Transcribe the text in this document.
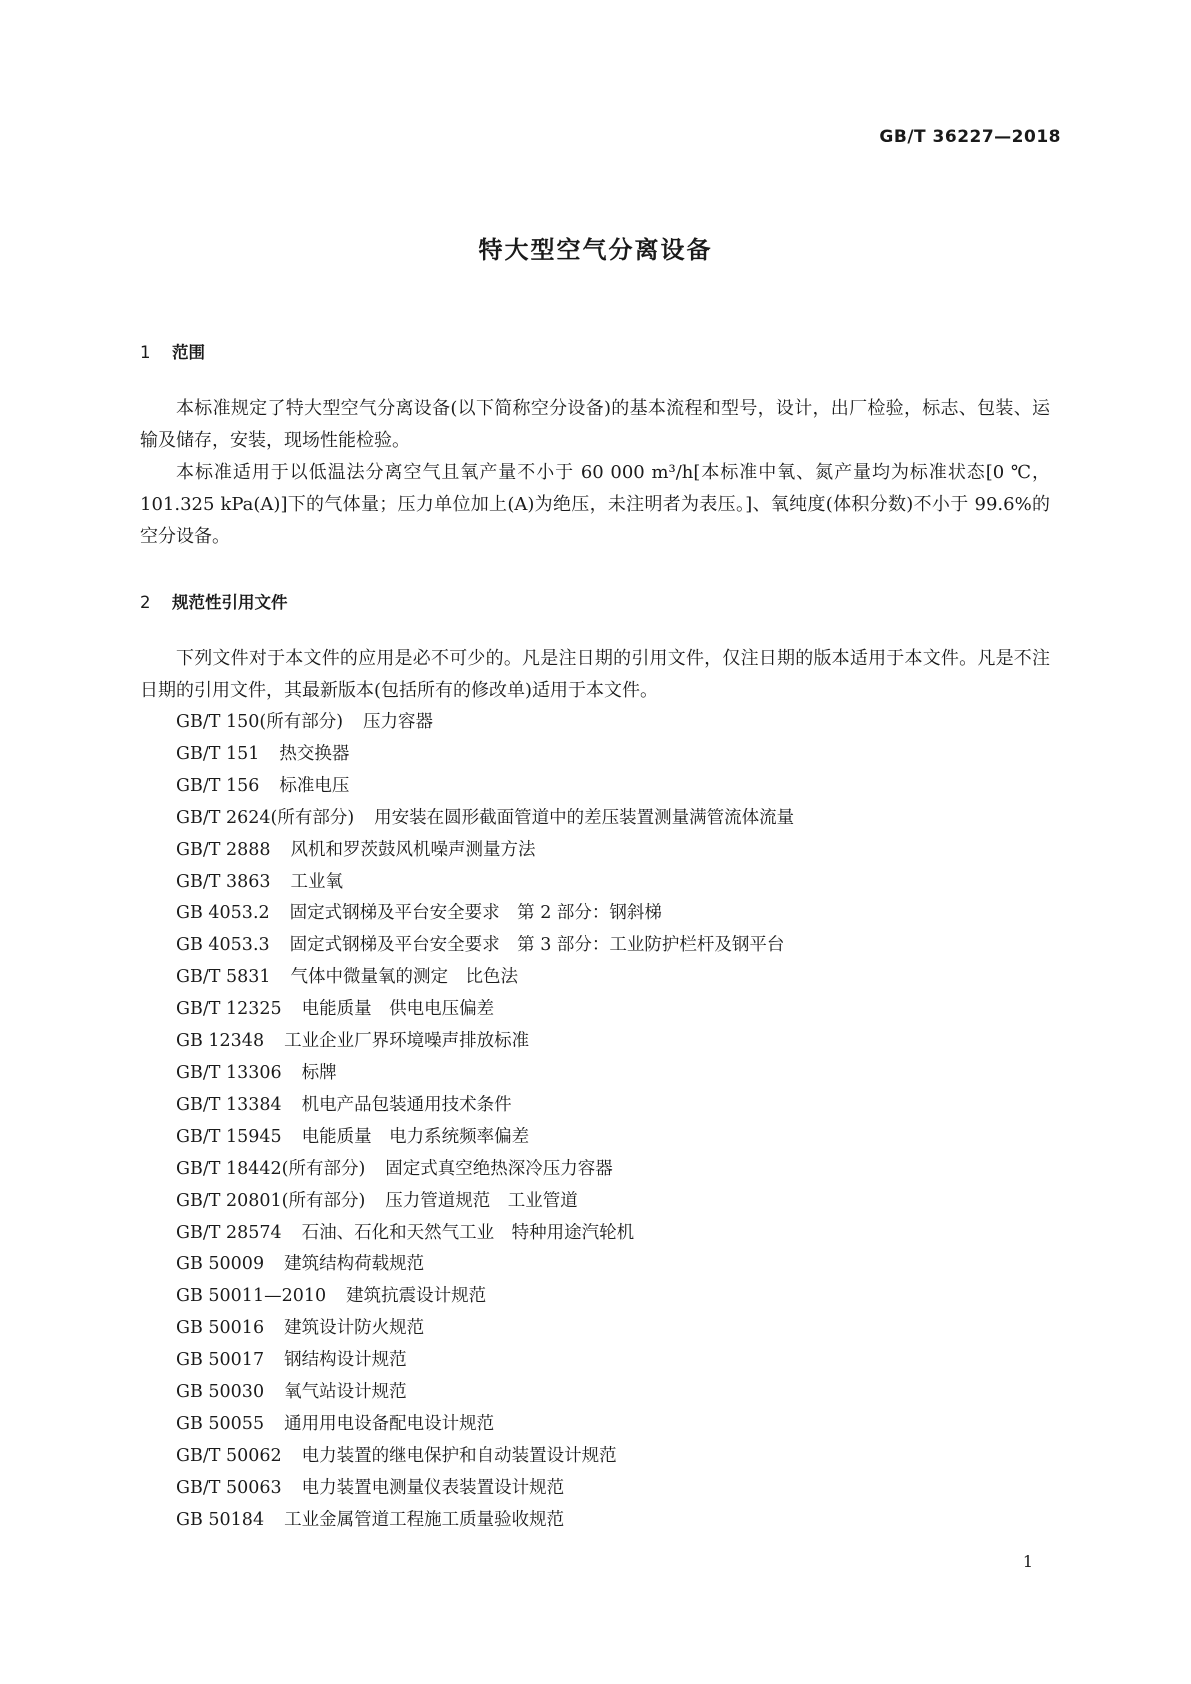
GB/T 36227—2018
特大型空气分离设备
1 范围

本标准规定了特大型空气分离设备(以下简称空分设备)的基本流程和型号，设计，出厂检验，标志、包装、运输及储存，安装，现场性能检验。

本标准适用于以低温法分离空气且氧产量不小于 60 000 m³/h[本标准中氧、氮产量均为标准状态[0 ℃，101.325 kPa(A)]下的气体量；压力单位加上(A)为绝压，未注明者为表压。]、氧纯度(体积分数)不小于 99.6%的空分设备。

2 规范性引用文件

下列文件对于本文件的应用是必不可少的。凡是注日期的引用文件，仅注日期的版本适用于本文件。凡是不注日期的引用文件，其最新版本(包括所有的修改单)适用于本文件。

GB/T 150(所有部分) 压力容器
GB/T 151 热交换器
GB/T 156 标准电压
GB/T 2624(所有部分) 用安装在圆形截面管道中的差压装置测量满管流体流量
GB/T 2888 风机和罗茨鼓风机噪声测量方法
GB/T 3863 工业氧
GB 4053.2 固定式钢梯及平台安全要求　第 2 部分：钢斜梯
GB 4053.3 固定式钢梯及平台安全要求　第 3 部分：工业防护栏杆及钢平台
GB/T 5831 气体中微量氧的测定　比色法
GB/T 12325 电能质量　供电电压偏差
GB 12348 工业企业厂界环境噪声排放标准
GB/T 13306 标牌
GB/T 13384 机电产品包装通用技术条件
GB/T 15945 电能质量　电力系统频率偏差
GB/T 18442(所有部分) 固定式真空绝热深冷压力容器
GB/T 20801(所有部分) 压力管道规范　工业管道
GB/T 28574 石油、石化和天然气工业　特种用途汽轮机
GB 50009 建筑结构荷载规范
GB 50011—2010 建筑抗震设计规范
GB 50016 建筑设计防火规范
GB 50017 钢结构设计规范
GB 50030 氧气站设计规范
GB 50055 通用用电设备配电设计规范
GB/T 50062 电力装置的继电保护和自动装置设计规范
GB/T 50063 电力装置电测量仪表装置设计规范
GB 50184 工业金属管道工程施工质量验收规范
1
